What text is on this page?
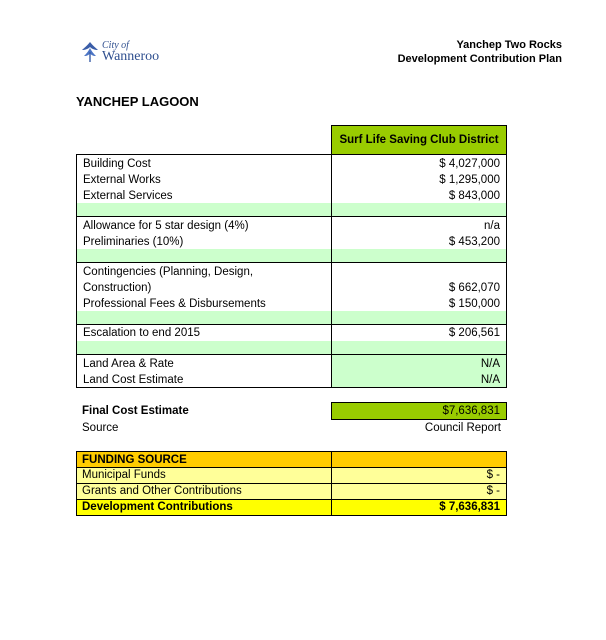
City of
Wanneroo
Yanchep Two Rocks
Development Contribution Plan
YANCHEP LAGOON
Surf Life Saving Club District
Building Cost	$ 4,027,000
External Works	$ 1,295,000
External Services	$ 843,000
Allowance for 5 star design (4%)	n/a
Preliminaries (10%)	$ 453,200
Contingencies (Planning, Design,
Construction)	$ 662,070
Professional Fees & Disbursements	$ 150,000
Escalation to end 2015	$ 206,561
Land Area & Rate	N/A
Land Cost Estimate	N/A
Final Cost Estimate	$7,636,831
Source	Council Report
FUNDING SOURCE
Municipal Funds	$ -
Grants and Other Contributions	$ -
Development Contributions	$ 7,636,831
